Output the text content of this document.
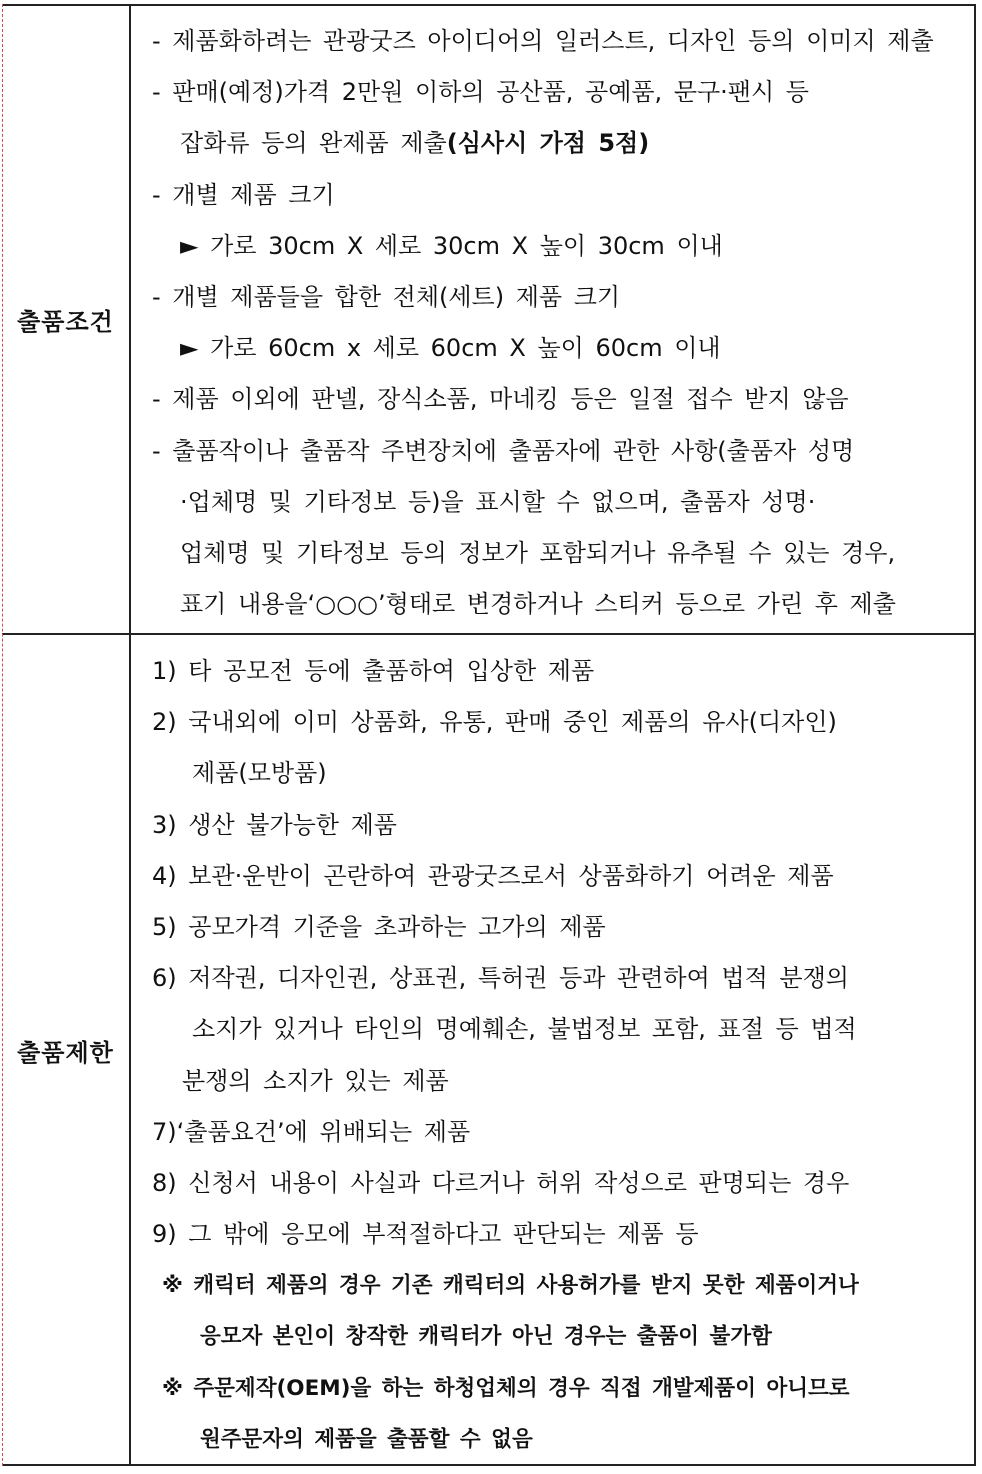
출품조건
- 제품화하려는 관광굿즈 아이디어의 일러스트, 디자인 등의 이미지 제출
- 판매(예정)가격 2만원 이하의 공산품, 공예품, 문구·팬시 등
잡화류 등의 완제품 제출(심사시 가점 5점)
- 개별 제품 크기
► 가로 30cm X 세로 30cm X 높이 30cm 이내
- 개별 제품들을 합한 전체(세트) 제품 크기
► 가로 60cm x 세로 60cm X 높이 60cm 이내
- 제품 이외에 판넬, 장식소품, 마네킹 등은 일절 접수 받지 않음
- 출품작이나 출품작 주변장치에 출품자에 관한 사항(출품자 성명
·업체명 및 기타정보 등)을 표시할 수 없으며, 출품자 성명·
업체명 및 기타정보 등의 정보가 포함되거나 유추될 수 있는 경우,
표기 내용을‘○○○’형태로 변경하거나 스티커 등으로 가린 후 제출
출품제한
1) 타 공모전 등에 출품하여 입상한 제품
2) 국내외에 이미 상품화, 유통, 판매 중인 제품의 유사(디자인)
제품(모방품)
3) 생산 불가능한 제품
4) 보관·운반이 곤란하여 관광굿즈로서 상품화하기 어려운 제품
5) 공모가격 기준을 초과하는 고가의 제품
6) 저작권, 디자인권, 상표권, 특허권 등과 관련하여 법적 분쟁의
소지가 있거나 타인의 명예훼손, 불법정보 포함, 표절 등 법적
분쟁의 소지가 있는 제품
7)‘출품요건’에 위배되는 제품
8) 신청서 내용이 사실과 다르거나 허위 작성으로 판명되는 경우
9) 그 밖에 응모에 부적절하다고 판단되는 제품 등
※ 캐릭터 제품의 경우 기존 캐릭터의 사용허가를 받지 못한 제품이거나
응모자 본인이 창작한 캐릭터가 아닌 경우는 출품이 불가함
※ 주문제작(OEM)을 하는 하청업체의 경우 직접 개발제품이 아니므로
원주문자의 제품을 출품할 수 없음
